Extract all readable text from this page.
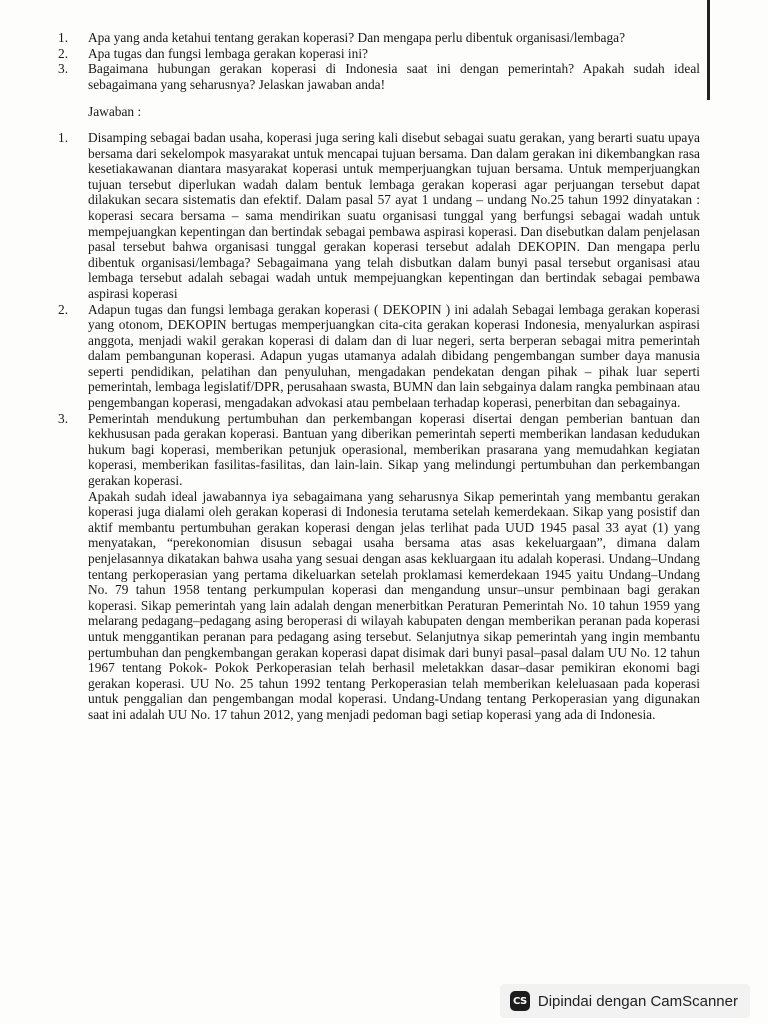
1. Apa yang anda ketahui tentang gerakan koperasi? Dan mengapa perlu dibentuk organisasi/lembaga?
2. Apa tugas dan fungsi lembaga gerakan koperasi ini?
3. Bagaimana hubungan gerakan koperasi di Indonesia saat ini dengan pemerintah? Apakah sudah ideal sebagaimana yang seharusnya? Jelaskan jawaban anda!
Jawaban :
1. Disamping sebagai badan usaha, koperasi juga sering kali disebut sebagai suatu gerakan, yang berarti suatu upaya bersama dari sekelompok masyarakat untuk mencapai tujuan bersama. Dan dalam gerakan ini dikembangkan rasa kesetiakawanan diantara masyarakat koperasi untuk memperjuangkan tujuan bersama. Untuk memperjuangkan tujuan tersebut diperlukan wadah dalam bentuk lembaga gerakan koperasi agar perjuangan tersebut dapat dilakukan secara sistematis dan efektif. Dalam pasal 57 ayat 1 undang – undang No.25 tahun 1992 dinyatakan : koperasi secara bersama – sama mendirikan suatu organisasi tunggal yang berfungsi sebagai wadah untuk mempejuangkan kepentingan dan bertindak sebagai pembawa aspirasi koperasi. Dan disebutkan dalam penjelasan pasal tersebut bahwa organisasi tunggal gerakan koperasi tersebut adalah DEKOPIN. Dan mengapa perlu dibentuk organisasi/lembaga? Sebagaimana yang telah disbutkan dalam bunyi pasal tersebut organisasi atau lembaga tersebut adalah sebagai wadah untuk mempejuangkan kepentingan dan bertindak sebagai pembawa aspirasi koperasi

2. Adapun tugas dan fungsi lembaga gerakan koperasi ( DEKOPIN ) ini adalah Sebagai lembaga gerakan koperasi yang otonom, DEKOPIN bertugas memperjuangkan cita-cita gerakan koperasi Indonesia, menyalurkan aspirasi anggota, menjadi wakil gerakan koperasi di dalam dan di luar negeri, serta berperan sebagai mitra pemerintah dalam pembangunan koperasi. Adapun yugas utamanya adalah dibidang pengembangan sumber daya manusia seperti pendidikan, pelatihan dan penyuluhan, mengadakan pendekatan dengan pihak – pihak luar seperti pemerintah, lembaga legislatif/DPR, perusahaan swasta, BUMN dan lain sebgainya dalam rangka pembinaan atau pengembangan koperasi, mengadakan advokasi atau pembelaan terhadap koperasi, penerbitan dan sebagainya.

3. Pemerintah mendukung pertumbuhan dan perkembangan koperasi disertai dengan pemberian bantuan dan kekhususan pada gerakan koperasi. Bantuan yang diberikan pemerintah seperti memberikan landasan kedudukan hukum bagi koperasi, memberikan petunjuk operasional, memberikan prasarana yang memudahkan kegiatan koperasi, memberikan fasilitas-fasilitas, dan lain-lain. Sikap yang melindungi pertumbuhan dan perkembangan gerakan koperasi.

Apakah sudah ideal jawabannya iya sebagaimana yang seharusnya Sikap pemerintah yang membantu gerakan koperasi juga dialami oleh gerakan koperasi di Indonesia terutama setelah kemerdekaan. Sikap yang posistif dan aktif membantu pertumbuhan gerakan koperasi dengan jelas terlihat pada UUD 1945 pasal 33 ayat (1) yang menyatakan, “perekonomian disusun sebagai usaha bersama atas asas kekeluargaan”, dimana dalam penjelasannya dikatakan bahwa usaha yang sesuai dengan asas kekluargaan itu adalah koperasi. Undang–Undang tentang perkoperasian yang pertama dikeluarkan setelah proklamasi kemerdekaan 1945 yaitu Undang–Undang No. 79 tahun 1958 tentang perkumpulan koperasi dan mengandung unsur–unsur pembinaan bagi gerakan koperasi. Sikap pemerintah yang lain adalah dengan menerbitkan Peraturan Pemerintah No. 10 tahun 1959 yang melarang pedagang–pedagang asing beroperasi di wilayah kabupaten dengan memberikan peranan pada koperasi untuk menggantikan peranan para pedagang asing tersebut. Selanjutnya sikap pemerintah yang ingin membantu pertumbuhan dan pengkembangan gerakan koperasi dapat disimak dari bunyi pasal–pasal dalam UU No. 12 tahun 1967 tentang Pokok- Pokok Perkoperasian telah berhasil meletakkan dasar–dasar pemikiran ekonomi bagi gerakan koperasi. UU No. 25 tahun 1992 tentang Perkoperasian telah memberikan keleluasaan pada koperasi untuk penggalian dan pengembangan modal koperasi. Undang-Undang tentang Perkoperasian yang digunakan saat ini adalah UU No. 17 tahun 2012, yang menjadi pedoman bagi setiap koperasi yang ada di Indonesia.

CS Dipindai dengan CamScanner
